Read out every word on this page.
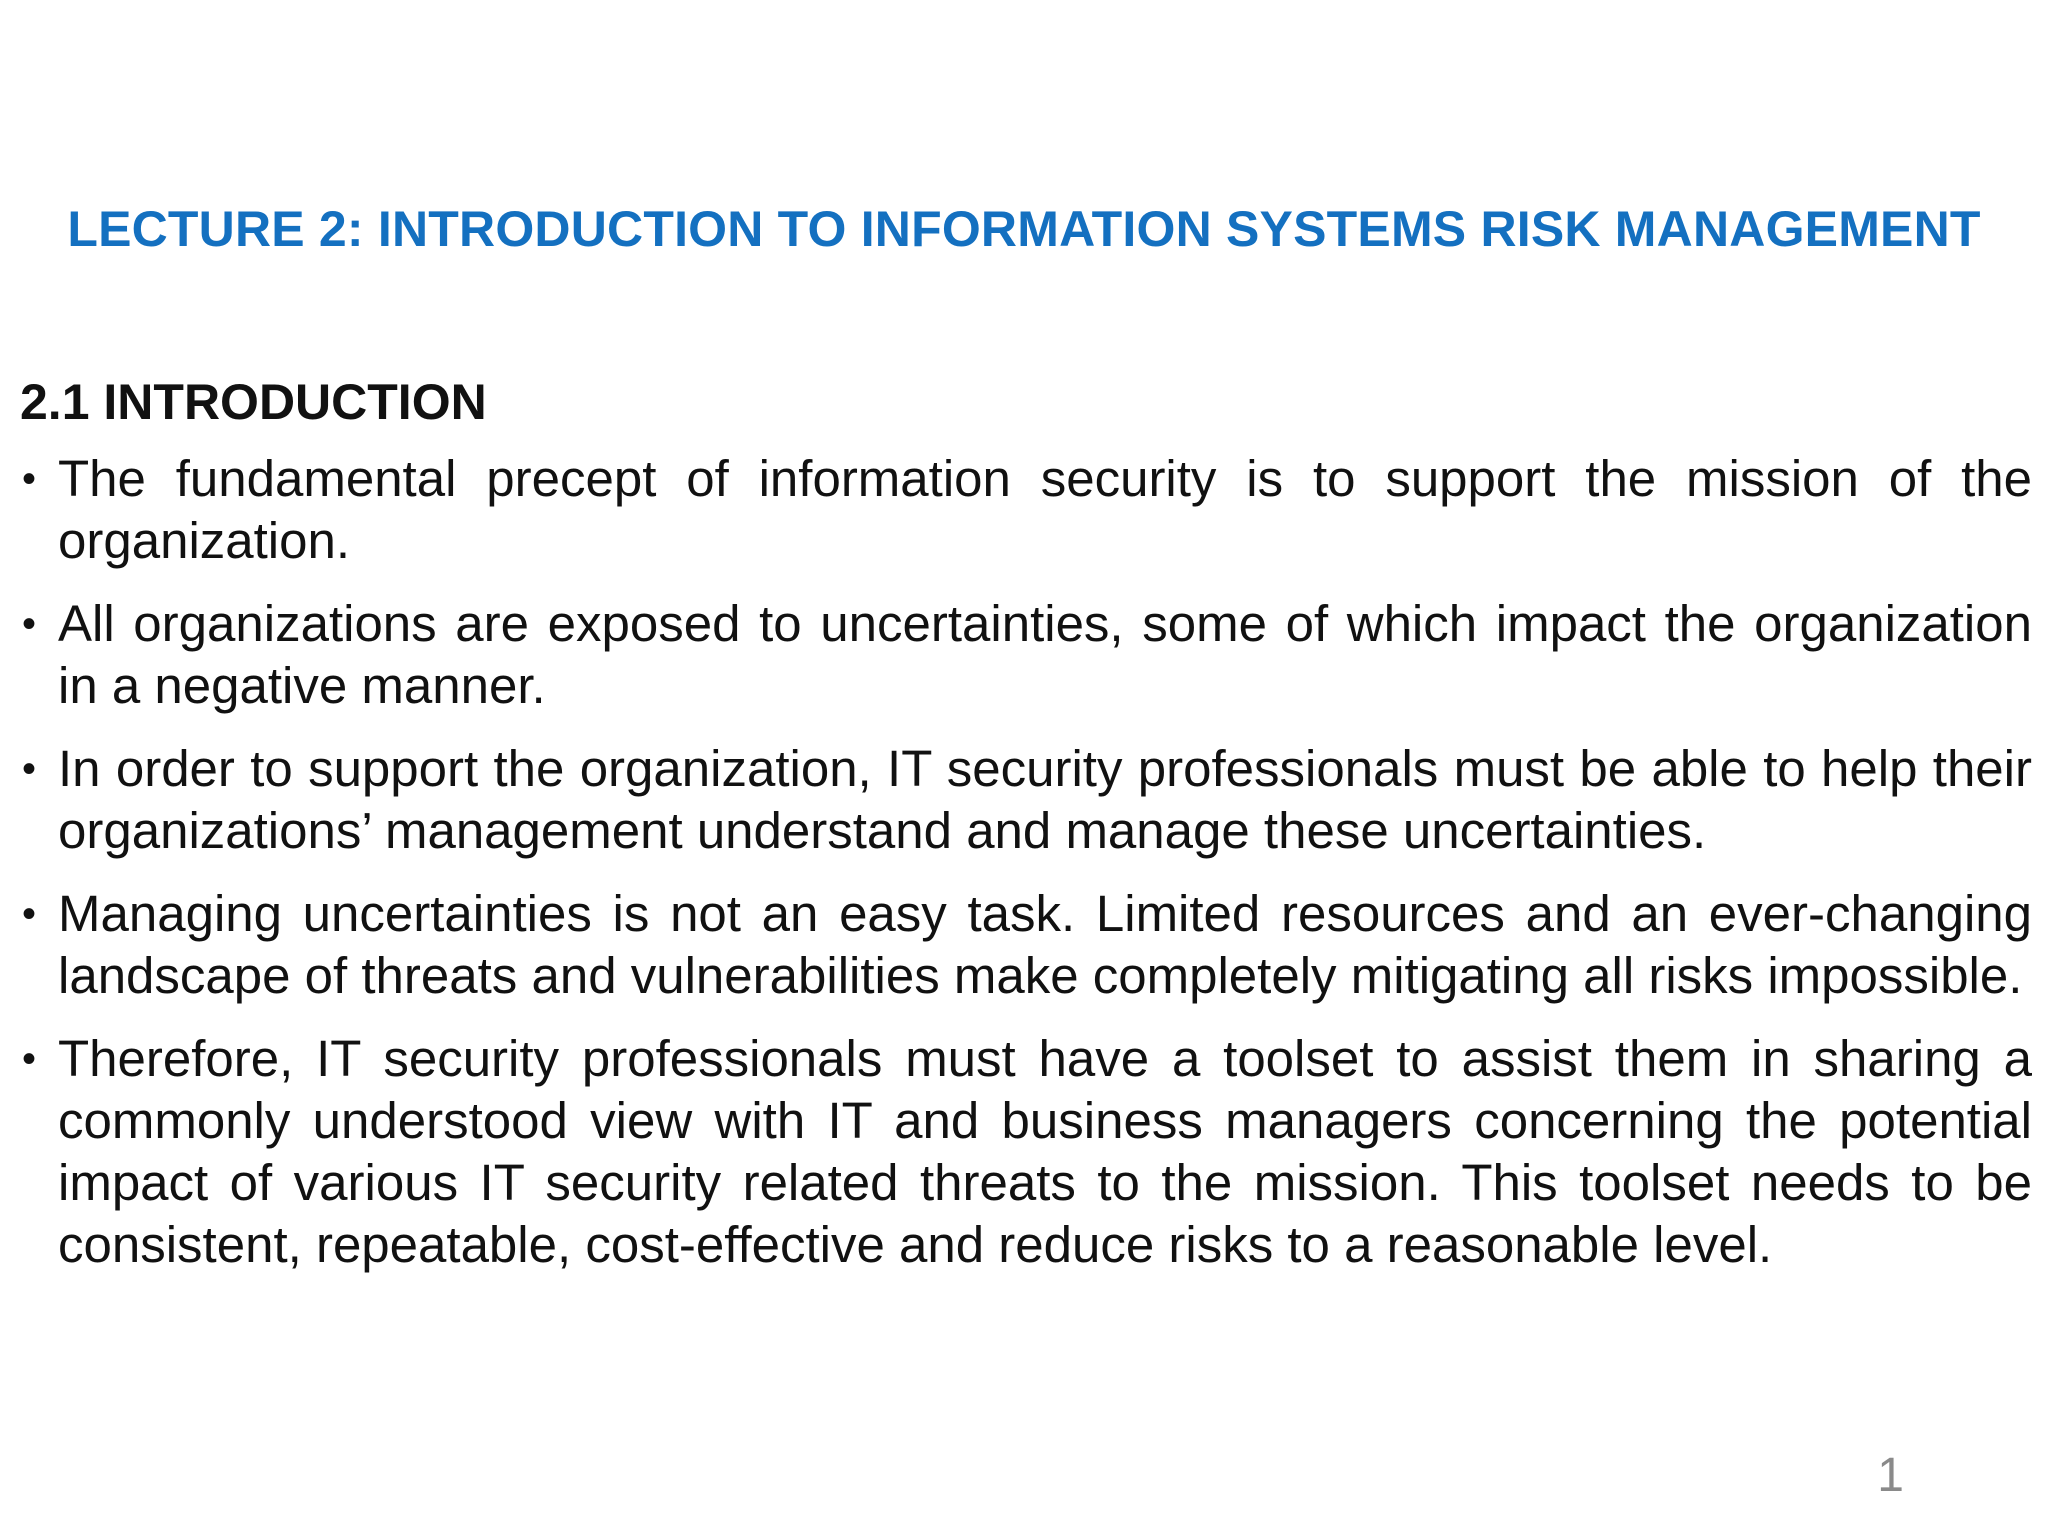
LECTURE 2: INTRODUCTION TO INFORMATION SYSTEMS RISK MANAGEMENT
2.1 INTRODUCTION
• The fundamental precept of information security is to support the mission of the organization.
• All organizations are exposed to uncertainties, some of which impact the organization in a negative manner.
• In order to support the organization, IT security professionals must be able to help their organizations’ management understand and manage these uncertainties.
• Managing uncertainties is not an easy task. Limited resources and an ever-changing landscape of threats and vulnerabilities make completely mitigating all risks impossible.
• Therefore, IT security professionals must have a toolset to assist them in sharing a commonly understood view with IT and business managers concerning the potential impact of various IT security related threats to the mission. This toolset needs to be consistent, repeatable, cost-effective and reduce risks to a reasonable level.
1
